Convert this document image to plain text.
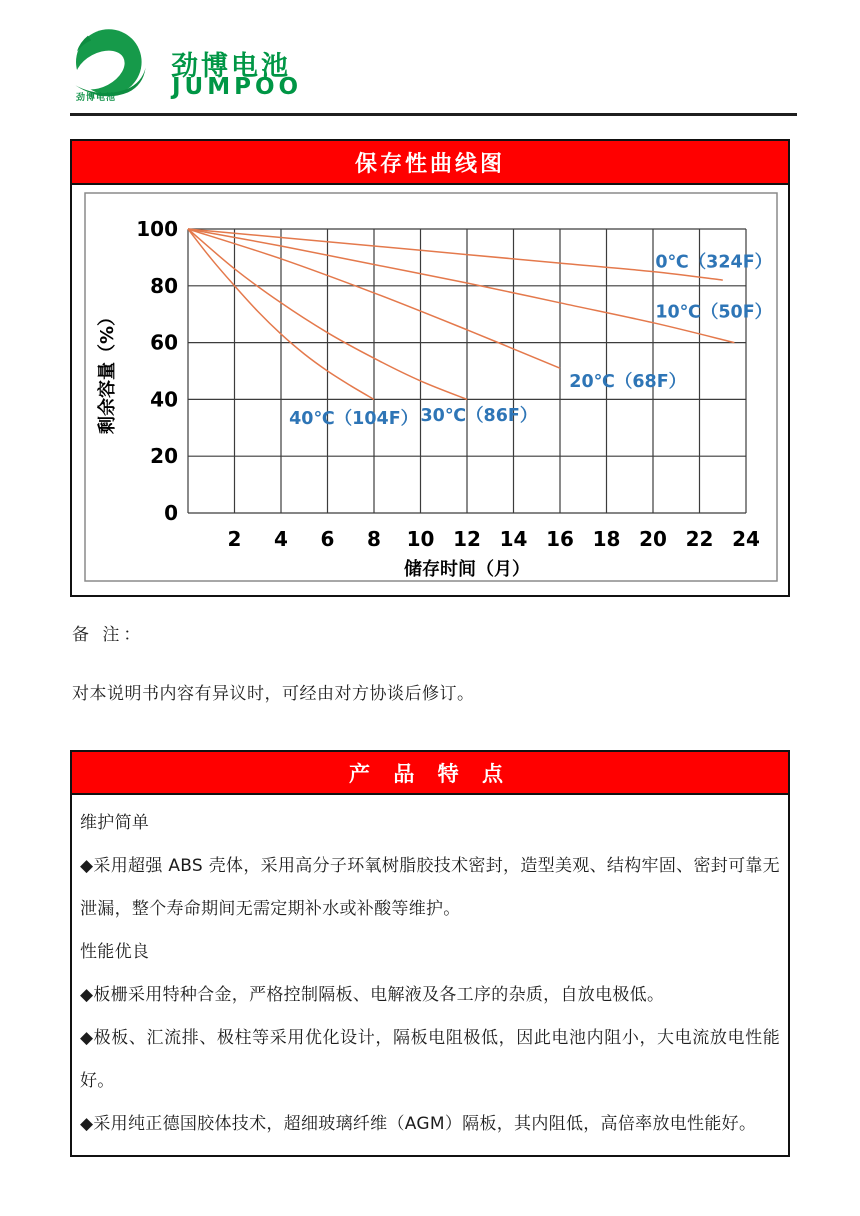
劲博电池
劲博电池
JUMPOO
保存性曲线图
2 4 6 8 10 12 14 16 18 20 22 24
0
20
40
60
80
100
储存时间（月）
剩余容量（%）
0℃（324F）
10℃（50F）
20℃（68F）
30℃（86F）
40℃（104F）

备 注：

对本说明书内容有异议时，可经由对方协谈后修订。

产 品 特 点

维护简单

◆采用超强 ABS 壳体，采用高分子环氧树脂胶技术密封，造型美观、结构牢固、密封可靠无泄漏，整个寿命期间无需定期补水或补酸等维护。

性能优良

◆板栅采用特种合金，严格控制隔板、电解液及各工序的杂质，自放电极低。

◆极板、汇流排、极柱等采用优化设计，隔板电阻极低，因此电池内阻小，大电流放电性能好。

◆采用纯正德国胶体技术，超细玻璃纤维（AGM）隔板，其内阻低，高倍率放电性能好。
